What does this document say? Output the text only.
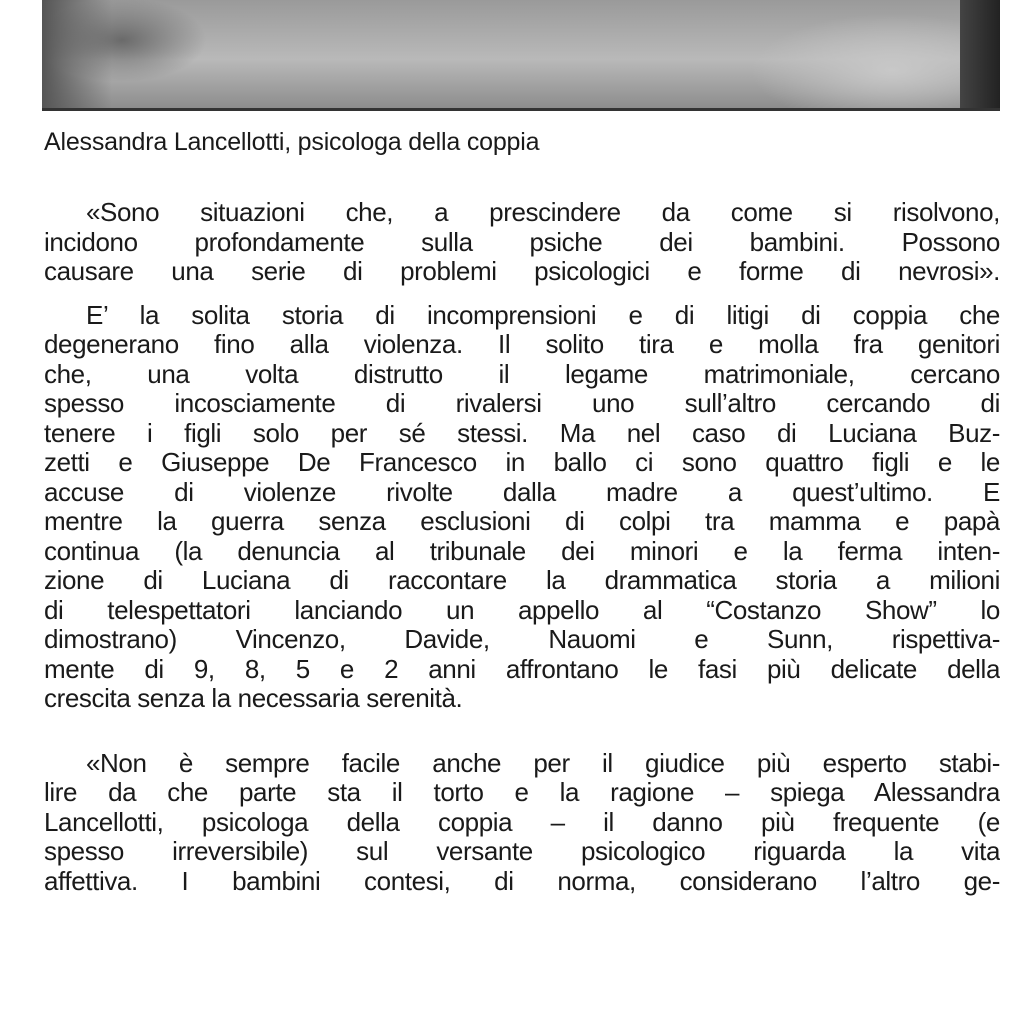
Alessandra Lancellotti, psicologa della coppia

«Sono situazioni che, a prescindere da come si risolvono,
incidono profondamente sulla psiche dei bambini. Possono
causare una serie di problemi psicologici e forme di nevrosi».

E’ la solita storia di incomprensioni e di litigi di coppia che
degenerano fino alla violenza. Il solito tira e molla fra genitori
che, una volta distrutto il legame matrimoniale, cercano
spesso incosciamente di rivalersi uno sull’altro cercando di
tenere i figli solo per sé stessi. Ma nel caso di Luciana Buz-
zetti e Giuseppe De Francesco in ballo ci sono quattro figli e le
accuse di violenze rivolte dalla madre a quest’ultimo. E
mentre la guerra senza esclusioni di colpi tra mamma e papà
continua (la denuncia al tribunale dei minori e la ferma inten-
zione di Luciana di raccontare la drammatica storia a milioni
di telespettatori lanciando un appello al “Costanzo Show” lo
dimostrano) Vincenzo, Davide, Nauomi e Sunn, rispettiva-
mente di 9, 8, 5 e 2 anni affrontano le fasi più delicate della
crescita senza la necessaria serenità.

«Non è sempre facile anche per il giudice più esperto stabi-
lire da che parte sta il torto e la ragione – spiega Alessandra
Lancellotti, psicologa della coppia – il danno più frequente (e
spesso irreversibile) sul versante psicologico riguarda la vita
affettiva. I bambini contesi, di norma, considerano l’altro ge-
